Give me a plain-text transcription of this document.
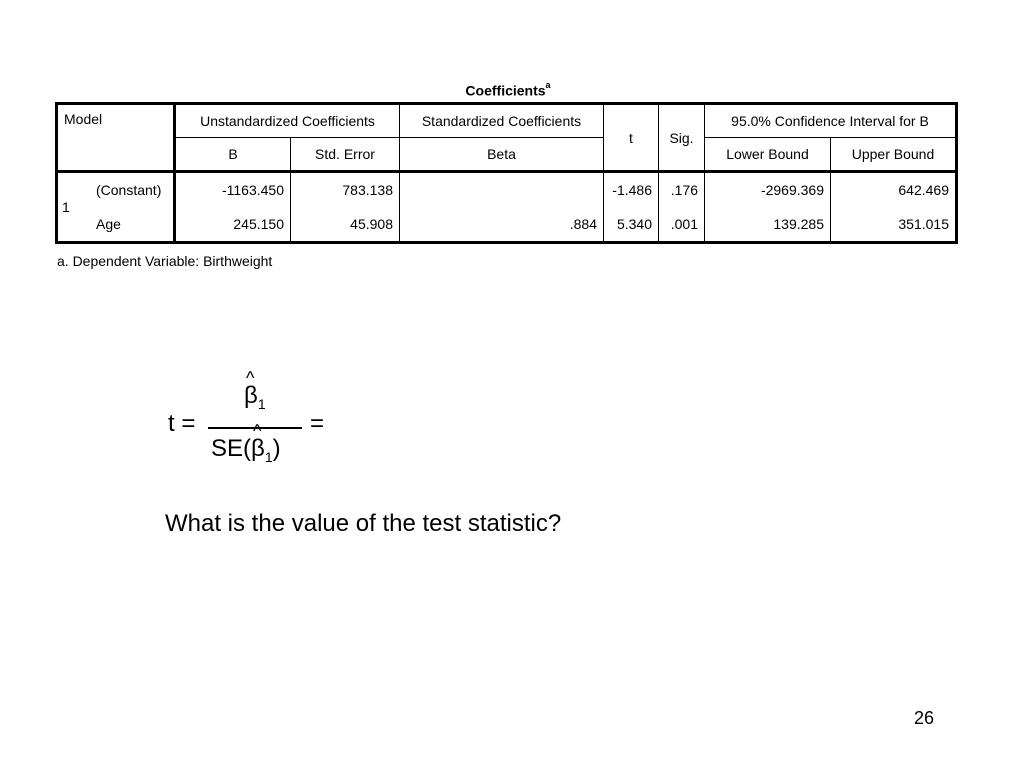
Coefficients$^a$
Model		Unstandardized Coefficients		Standardized Coefficients	t	Sig.	95.0% Confidence Interval for B	
		B	Std. Error	Beta			Lower Bound	Upper Bound
1	(Constant)	-1163.450	783.138		-1.486	.176	-2969.369	642.469
	Age	245.150	45.908	.884	5.340	.001	139.285	351.015
a. Dependent Variable: Birthweight
t =
^ $\beta_1$
SE(^ $\beta_1$)
=
What is the value of the test statistic?
26
